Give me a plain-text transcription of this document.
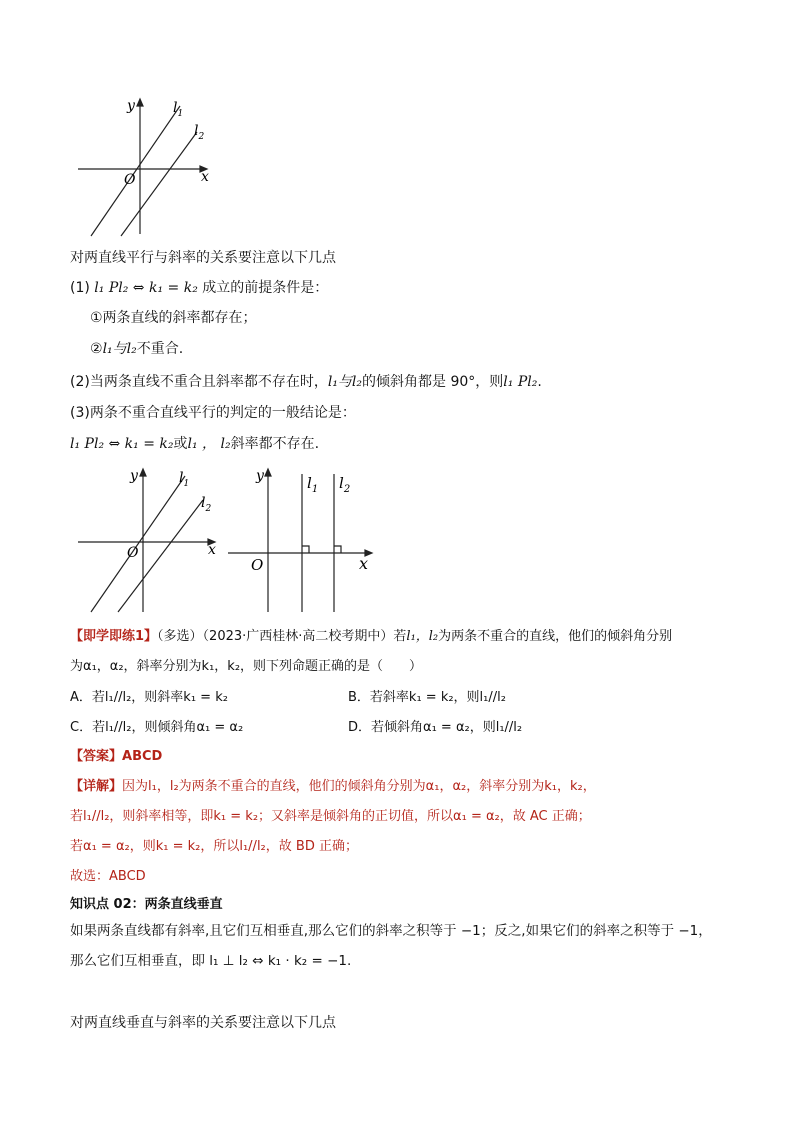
y
x
O
$l_1$
$l_2$
对两直线平行与斜率的关系要注意以下几点
(1) l₁ Pl₂ ⇔ k₁ = k₂ 成立的前提条件是：
①两条直线的斜率都存在；
②l₁与l₂不重合.
(2)当两条直线不重合且斜率都不存在时，l₁与l₂的倾斜角都是 90°，则l₁ Pl₂.
(3)两条不重合直线平行的判定的一般结论是：
l₁ Pl₂ ⇔ k₁ = k₂或l₁ ， l₂斜率都不存在.
y
x
O
$l_1$
$l_2$
y
x
O
$l_1$ $l_2$
【即学即练1】（多选）（2023·广西桂林·高二校考期中）若l₁，l₂为两条不重合的直线，他们的倾斜角分别
为α₁，α₂，斜率分别为k₁，k₂，则下列命题正确的是（　　）
A．若l₁//l₂，则斜率k₁ = k₂	B．若斜率k₁ = k₂，则l₁//l₂
C．若l₁//l₂，则倾斜角α₁ = α₂	D．若倾斜角α₁ = α₂，则l₁//l₂
【答案】ABCD
【详解】因为l₁，l₂为两条不重合的直线，他们的倾斜角分别为α₁，α₂，斜率分别为k₁，k₂，
若l₁//l₂，则斜率相等，即k₁ = k₂；又斜率是倾斜角的正切值，所以α₁ = α₂，故 AC 正确；
若α₁ = α₂，则k₁ = k₂，所以l₁//l₂，故 BD 正确；
故选：ABCD
知识点 02：两条直线垂直
如果两条直线都有斜率,且它们互相垂直,那么它们的斜率之积等于 −1；反之,如果它们的斜率之积等于 −1，
那么它们互相垂直，即 l₁ ⊥ l₂ ⇔ k₁ · k₂ = −1.
对两直线垂直与斜率的关系要注意以下几点
